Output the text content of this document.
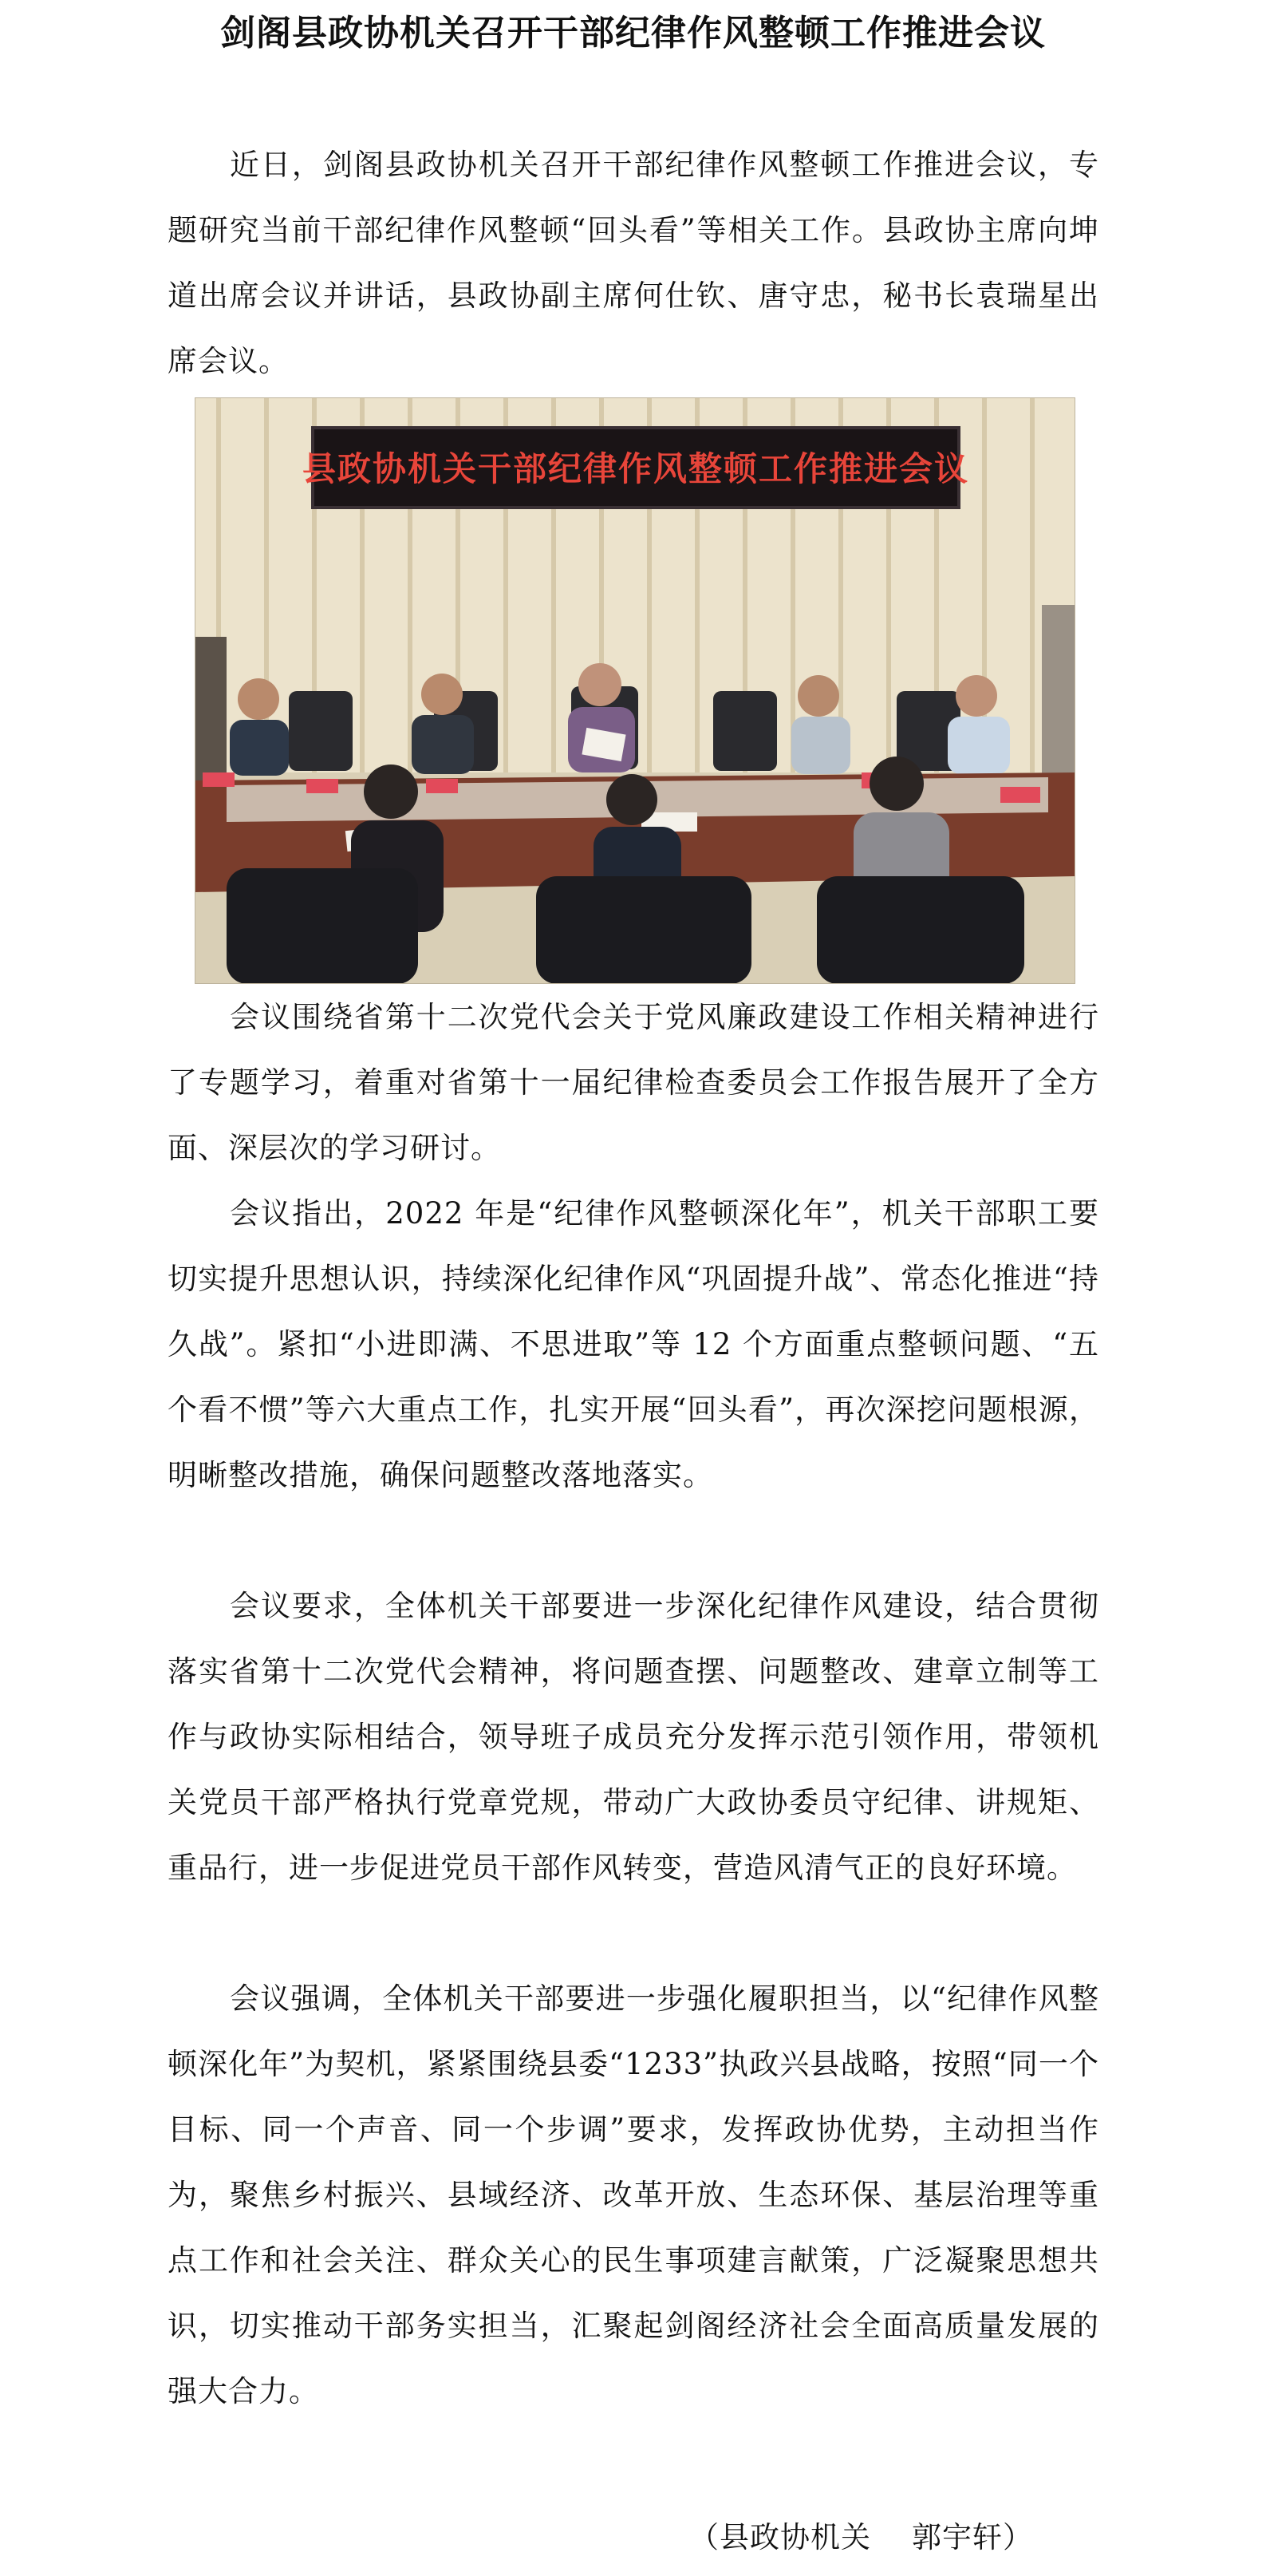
剑阁县政协机关召开干部纪律作风整顿工作推进会议

近日，剑阁县政协机关召开干部纪律作风整顿工作推进会议，专题研究当前干部纪律作风整顿“回头看”等相关工作。县政协主席向坤道出席会议并讲话，县政协副主席何仕钦、唐守忠，秘书长袁瑞星出席会议。

县政协机关干部纪律作风整顿工作推进会议

会议围绕省第十二次党代会关于党风廉政建设工作相关精神进行了专题学习，着重对省第十一届纪律检查委员会工作报告展开了全方面、深层次的学习研讨。

会议指出，2022 年是“纪律作风整顿深化年”，机关干部职工要切实提升思想认识，持续深化纪律作风“巩固提升战”、常态化推进“持久战”。紧扣“小进即满、不思进取”等 12 个方面重点整顿问题、“五个看不惯”等六大重点工作，扎实开展“回头看”，再次深挖问题根源，明晰整改措施，确保问题整改落地落实。

会议要求，全体机关干部要进一步深化纪律作风建设，结合贯彻落实省第十二次党代会精神，将问题查摆、问题整改、建章立制等工作与政协实际相结合，领导班子成员充分发挥示范引领作用，带领机关党员干部严格执行党章党规，带动广大政协委员守纪律、讲规矩、重品行，进一步促进党员干部作风转变，营造风清气正的良好环境。

会议强调，全体机关干部要进一步强化履职担当，以“纪律作风整顿深化年”为契机，紧紧围绕县委“1233”执政兴县战略，按照“同一个目标、同一个声音、同一个步调”要求，发挥政协优势，主动担当作为，聚焦乡村振兴、县域经济、改革开放、生态环保、基层治理等重点工作和社会关注、群众关心的民生事项建言献策，广泛凝聚思想共识，切实推动干部务实担当，汇聚起剑阁经济社会全面高质量发展的强大合力。

（县政协机关    郭宇轩）
